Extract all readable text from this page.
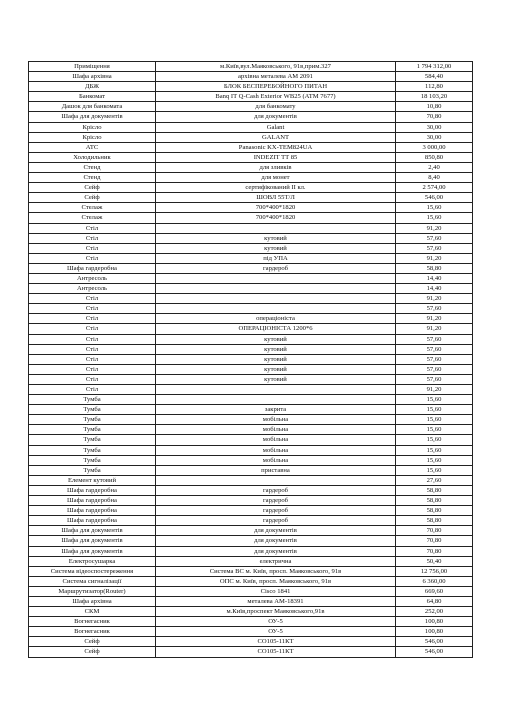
Приміщення	м.Київ,вул.Маяковського, 91в,прим.327	1 794 312,00
Шафа архівна	архівна металева АМ 2091	584,40
ДБЖ	БЛОК БЕСПЕРЕБОЙНОГО ПИТАН	112,80
Банкомат	Banq IT Q-Cash Exterior WB25 (ATM 7677)	18 103,20
Дашок для банкомата	для банкомату	10,80
Шафа для документів	для документів	70,80
Крісло	Galant	30,00
Крісло	GALANT	30,00
АТС	Panasonic KX-TEM824UA	3 000,00
Холодильник	INDEZIT TT 85	850,80
Стенд	для зливків	2,40
Стенд	для монет	8,40
Сейф	сертифікований ІІ кл.	2 574,00
Сейф	ШОВЛ 55Т/Л	546,00
Стелаж	700*400*1820	15,60
Стелаж	700*400*1820	15,60
Стіл		91,20
Стіл	кутовий	57,60
Стіл	кутовий	57,60
Стіл	під УПА	91,20
Шафа гардеробна	гардероб	58,80
Антресоль		14,40
Антресоль		14,40
Стіл		91,20
Стіл		57,60
Стіл	операціоніста	91,20
Стіл	ОПЕРАЦІОНІСТА 1200*6	91,20
Стіл	кутовий	57,60
Стіл	кутовий	57,60
Стіл	кутовий	57,60
Стіл	кутовий	57,60
Стіл	кутовий	57,60
Стіл		91,20
Тумба		15,60
Тумба	закрита	15,60
Тумба	мобільна	15,60
Тумба	мобільна	15,60
Тумба	мобільна	15,60
Тумба	мобільна	15,60
Тумба	мобільна	15,60
Тумба	приставна	15,60
Елемент кутовий		27,60
Шафа гардеробна	гардероб	58,80
Шафа гардеробна	гардероб	58,80
Шафа гардеробна	гардероб	58,80
Шафа гардеробна	гардероб	58,80
Шафа для документів	для документів	70,80
Шафа для документів	для документів	70,80
Шафа для документів	для документів	70,80
Електросушарка	електрична	50,40
Система відеоспостереження	Система ВС м. Київ, просп. Маяковського, 91в	12 756,00
Система сигналізації	ОПС м. Київ, просп. Маяковського, 91в	6 360,00
Маршрутизатор(Router)	Cisco 1841	669,60
Шафа архівна	металева АМ-18391	64,80
СКМ	м.Київ,проспект Маяковського,91в	252,00
Вогнегасник	ОУ-5	100,80
Вогнегасник	ОУ-5	100,80
Сейф	СО105-11КТ	546,00
Сейф	СО105-11КТ	546,00
